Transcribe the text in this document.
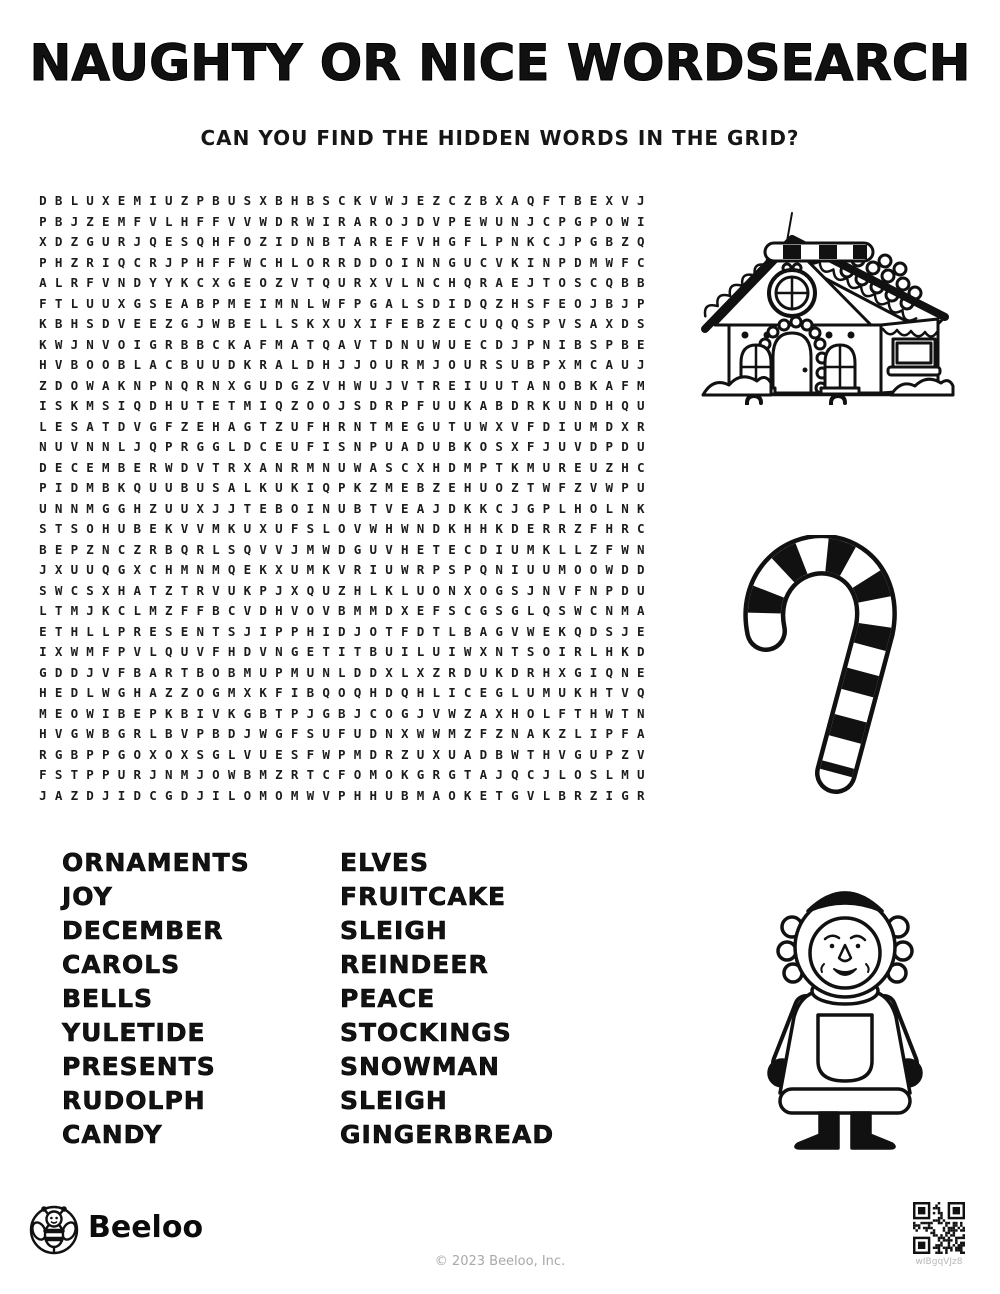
NAUGHTY OR NICE WORDSEARCH
CAN YOU FIND THE HIDDEN WORDS IN THE GRID?
D B L U X E M I U Z P B U S X B H B S C K V W J E Z C Z B X A Q F T B E X V J
P B J Z E M F V L H F F V V W D R W I R A R O J D V P E W U N J C P G P O W I
X D Z G U R J Q E S Q H F O Z I D N B T A R E F V H G F L P N K C J P G B Z Q
P H Z R I Q C R J P H F F W C H L O R R D D O I N N G U C V K I N P D M W F C
A L R F V N D Y Y K C X G E O Z V T Q U R X V L N C H Q R A E J T O S C Q B B
F T L U U X G S E A B P M E I M N L W F P G A L S D I D Q Z H S F E O J B J P
K B H S D V E E Z G J W B E L L S K X U X I F E B Z E C U Q Q S P V S A X D S
K W J N V O I G R B B C K A F M A T Q A V T D N U W U E C D J P N I B S P B E
H V B O O B L A C B U U D K R A L D H J J O U R M J O U R S U B P X M C A U J
Z D O W A K N P N Q R N X G U D G Z V H W U J V T R E I U U T A N O B K A F M
I S K M S I Q D H U T E T M I Q Z O O J S D R P F U U K A B D R K U N D H Q U
L E S A T D V G F Z E H A G T Z U F H R N T M E G U T U W X V F D I U M D X R
N U V N N L J Q P R G G L D C E U F I S N P U A D U B K O S X F J U V D P D U
D E C E M B E R W D V T R X A N R M N U W A S C X H D M P T K M U R E U Z H C
P I D M B K Q U U B U S A L K U K I Q P K Z M E B Z E H U O Z T W F Z V W P U
U N N M G G H Z U U X J J T E B O I N U B T V E A J D K K C J G P L H O L N K
S T S O H U B E K V V M K U X U F S L O V W H W N D K H H K D E R R Z F H R C
B E P Z N C Z R B Q R L S Q V V J M W D G U V H E T E C D I U M K L L Z F W N
J X U U Q G X C H M N M Q E K X U M K V R I U W R P S P Q N I U U M O O W D D
S W C S X H A T Z T R V U K P J X Q U Z H L K L U O N X O G S J N V F N P D U
L T M J K C L M Z F F B C V D H V O V B M M D X E F S C G S G L Q S W C N M A
E T H L L P R E S E N T S J I P P H I D J O T F D T L B A G V W E K Q D S J E
I X W M F P V L Q U V F H D V N G E T I T B U I L U I W X N T S O I R L H K D
G D D J V F B A R T B O B M U P M U N L D D X L X Z R D U K D R H X G I Q N E
H E D L W G H A Z Z O G M X K F I B Q O Q H D Q H L I C E G L U M U K H T V Q
M E O W I B E P K B I V K G B T P J G B J C O G J V W Z A X H O L F T H W T N
H V G W B G R L B V P B D J W G F S U F U D N X W W M Z F Z N A K Z L I P F A
R G B P P G O X O X S G L V U E S F W P M D R Z U X U A D B W T H V G U P Z V
F S T P P U R J N M J O W B M Z R T C F O M O K G R G T A J Q C J L O S L M U
J A Z D J I D C G D J I L O M O M W V P H H U B M A O K E T G V L B R Z I G R
Beeloo
© 2023 Beeloo, Inc.	wIBgqVJz8
ORNAMENTS
JOY
DECEMBER
CAROLS
BELLS
YULETIDE
PRESENTS
RUDOLPH
CANDY
ELVES
FRUITCAKE
SLEIGH
REINDEER
PEACE
STOCKINGS
SNOWMAN
SLEIGH
GINGERBREAD
